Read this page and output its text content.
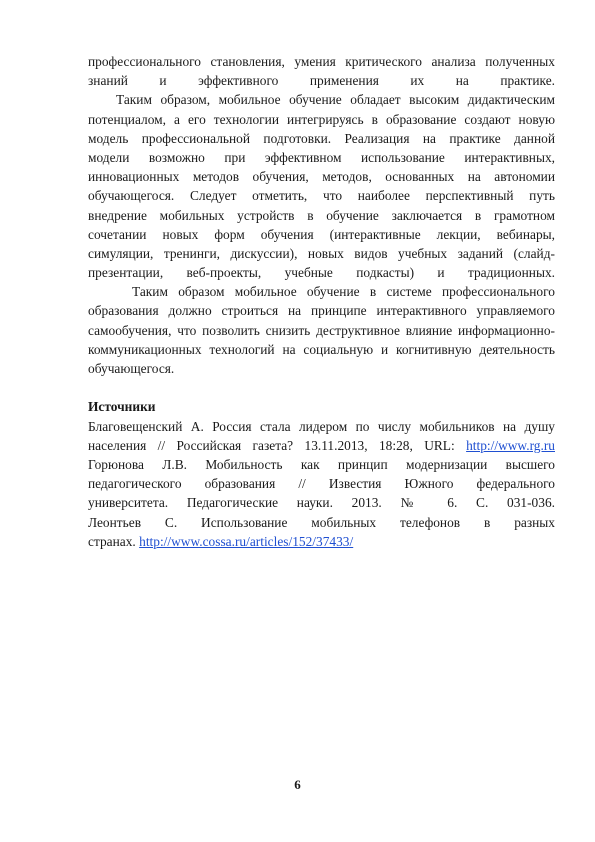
профессионального становления, умения критического анализа полученных
знаний и эффективного применения их на практике.
Таким образом, мобильное обучение обладает высоким дидактическим
потенциалом, а его технологии интегрируясь в образование создают новую
модель профессиональной подготовки. Реализация на практике данной
модели возможно при эффективном использование интерактивных,
инновационных методов обучения, методов, основанных на автономии
обучающегося. Следует отметить, что наиболее перспективный путь
внедрение мобильных устройств в обучение заключается в грамотном
сочетании новых форм обучения (интерактивные лекции, вебинары,
симуляции, тренинги, дискуссии), новых видов учебных заданий (слайд-
презентации, веб-проекты, учебные подкасты) и традиционных.
Таким образом мобильное обучение в системе профессионального
образования должно строиться на принципе интерактивного управляемого
самообучения, что позволить снизить деструктивное влияние информационно-
коммуникационных технологий на социальную и когнитивную деятельность
обучающегося.
Источники
Благовещенский А. Россия стала лидером по числу мобильников на душу
населения // Российская газета? 13.11.2013, 18:28, URL: http://www.rg.ru
Горюнова Л.В. Мобильность как принцип модернизации высшего
педагогического образования // Известия Южного федерального
университета. Педагогические науки. 2013. № 6. С. 031-036.
Леонтьев С. Использование мобильных телефонов в разных
странах. http://www.cossa.ru/articles/152/37433/
6
